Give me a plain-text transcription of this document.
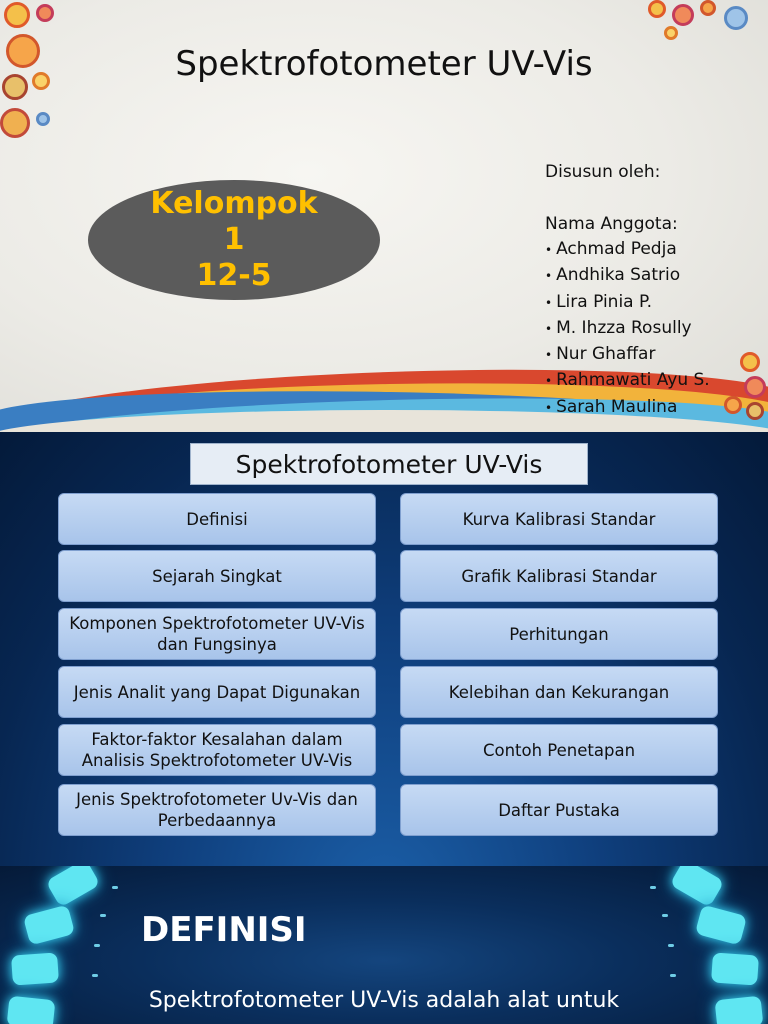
Spektrofotometer UV-Vis
Kelompok
1
12-5
Disusun oleh:
Nama Anggota:
• Achmad Pedja
• Andhika Satrio
• Lira Pinia P.
• M. Ihzza Rosully
• Nur Ghaffar
• Rahmawati Ayu S.
• Sarah Maulina
Spektrofotometer UV-Vis
Definisi
Sejarah Singkat
Komponen Spektrofotometer UV-Vis dan Fungsinya
Jenis Analit yang Dapat Digunakan
Faktor-faktor Kesalahan dalam Analisis Spektrofotometer UV-Vis
Jenis Spektrofotometer Uv-Vis dan Perbedaannya
Kurva Kalibrasi Standar
Grafik Kalibrasi Standar
Perhitungan
Kelebihan dan Kekurangan
Contoh Penetapan
Daftar Pustaka
DEFINISI
Spektrofotometer UV-Vis adalah alat untuk
